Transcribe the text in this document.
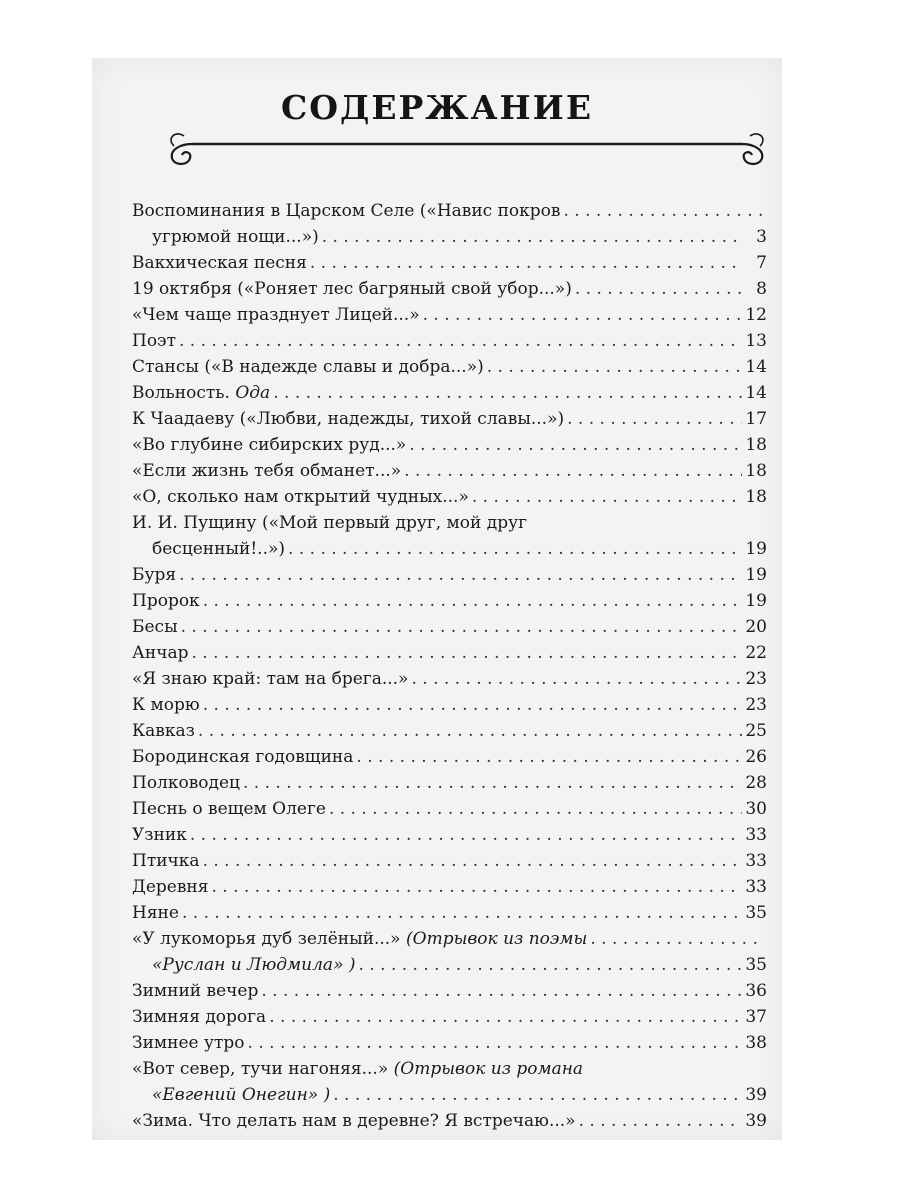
СОДЕРЖАНИЕ
Воспоминания в Царском Селе («Навис покров
. . .
угрюмой нощи...») . . .	3
Вакхическая песня . . .	7
19 октября («Роняет лес багряный свой убор...») . . .	8
«Чем чаще празднует Лицей...» . . .	12
Поэт . . .	13
Стансы («В надежде славы и добра...») . . .	14
Вольность. Ода . . .	14
К Чаадаеву («Любви, надежды, тихой славы...») . . .	17
«Во глубине сибирских руд...» . . .	18
«Если жизнь тебя обманет...» . . .	18
«О, сколько нам открытий чудных...» . . .	18
И. И. Пущину («Мой первый друг, мой друг
бесценный!..») . . .	19
Буря . . .	19
Пророк . . .	19
Бесы . . .	20
Анчар . . .	22
«Я знаю край: там на брега...» . . .	23
К морю . . .	23
Кавказ . . .	25
Бородинская годовщина . . .	26
Полководец . . .	28
Песнь о вещем Олеге . . .	30
Узник . . .	33
Птичка . . .	33
Деревня . . .	33
Няне . . .	35
«У лукоморья дуб зелёный...» (Отрывок из поэмы
. . .
«Руслан и Людмила» ) . . .	35
Зимний вечер . . .	36
Зимняя дорога . . .	37
Зимнее утро . . .	38
«Вот север, тучи нагоняя...» (Отрывок из романа
«Евгений Онегин» ) . . .	39
«Зима. Что делать нам в деревне? Я встречаю...» . . .	39
